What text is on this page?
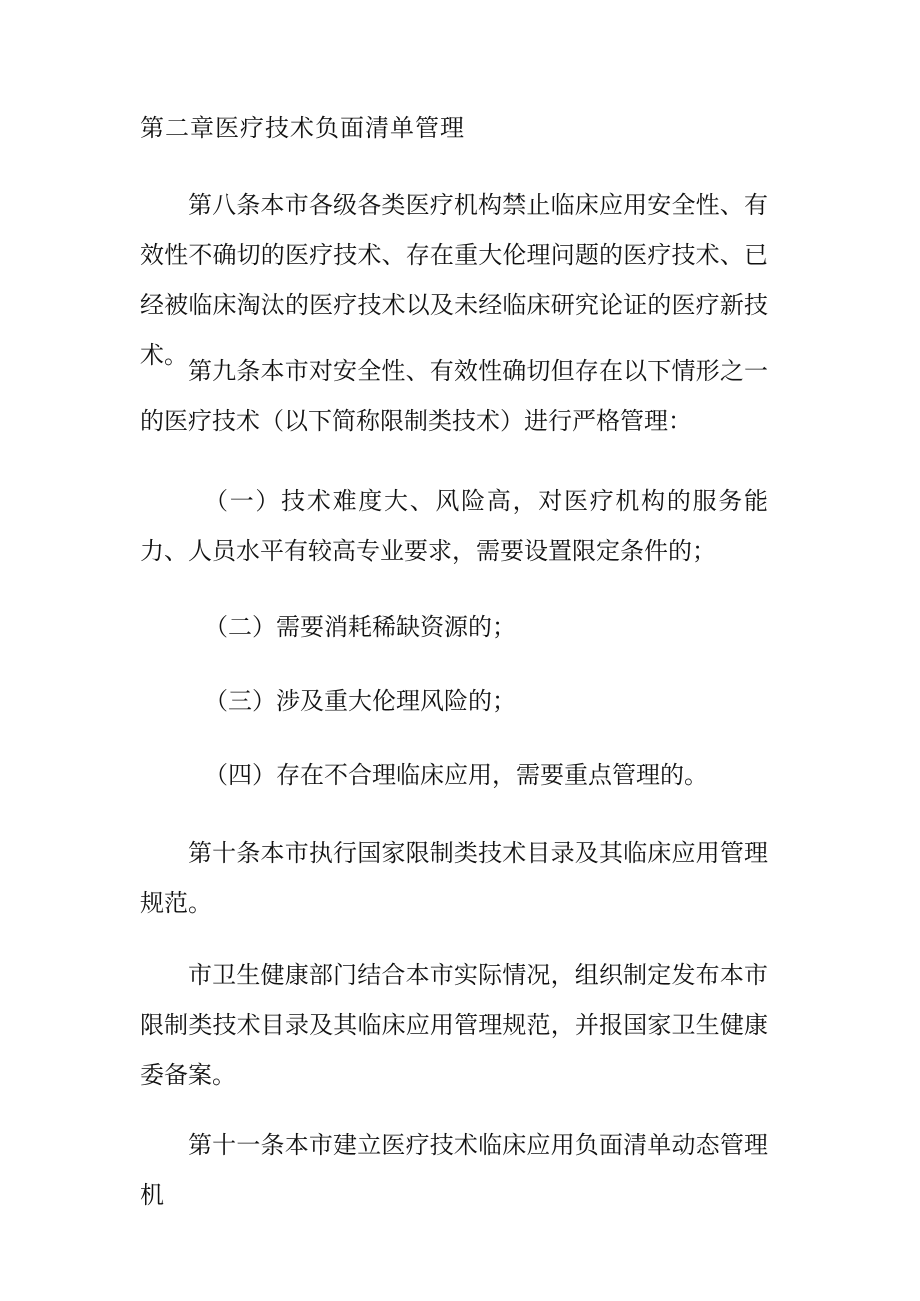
第二章医疗技术负面清单管理

第八条本市各级各类医疗机构禁止临床应用安全性、有效性不确切的医疗技术、存在重大伦理问题的医疗技术、已经被临床淘汰的医疗技术以及未经临床研究论证的医疗新技术。

第九条本市对安全性、有效性确切但存在以下情形之一的医疗技术（以下简称限制类技术）进行严格管理：

（一）技术难度大、风险高，对医疗机构的服务能力、人员水平有较高专业要求，需要设置限定条件的；

（二）需要消耗稀缺资源的；

（三）涉及重大伦理风险的；

（四）存在不合理临床应用，需要重点管理的。

第十条本市执行国家限制类技术目录及其临床应用管理规范。

市卫生健康部门结合本市实际情况，组织制定发布本市限制类技术目录及其临床应用管理规范，并报国家卫生健康委备案。

第十一条本市建立医疗技术临床应用负面清单动态管理机
